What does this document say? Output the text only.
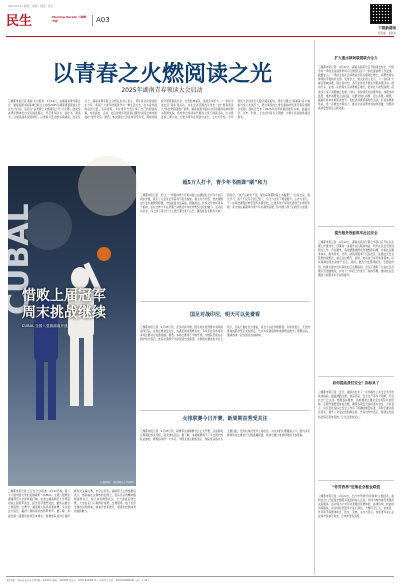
2024.04.23 星期二 编辑 / 组版 / 校对
民生	Morning Herald 三湘都市报	A03
下载新湖南
看直播 · 看新闻
以青春之火燃阅读之光
2025年湖南青春领读大会启动
三湘都市报记者 黄娟 长沙报道　4月22日，由湖南省青年联合会、湖南省图书馆等单位联合主办的2025年湖南青春领读大会在长沙启动。活动以“以青春之火燃阅读之光”为主题，面向全省青年群体发出全民阅读倡议，号召青年读书、读好书、善读书，以阅读涵养家国情怀，以青春力量点燃书香湖南。启动仪式上，湖南省青年联合会相关负责人表示，青年是全民阅读的生力军，希望广大青年把阅读作为一种生活方式，在书香中汲取奋进力量。活动现场，多位青年代表分享了自己的阅读故事，来自高校、企业、社区的青年领读者们围绕“阅读让城市更美好”展开交流。据悉，本次领读大会将持续至年底，期间将陆续开展青春读书会、红色经典诵读、阅读空间打卡、“一本好书进社区”等系列活动，并在全省范围内评选出一批“青春领读人”和优秀阅读推广案例。湖南省图书馆将为活动提供场地和图书资源支持，各市州也将同步开展线上线下阅读活动，让书香浸润三湘大地，让更多青年在阅读中成长。主办方介绍，今年领读大会首次引入数字阅读板块，青年可通过“新湖南”客户端参与线上共读打卡，累计阅读时长排名靠前的读者还将获得图书奖励。现场还发布了2025年度青春阅读推荐书单，涵盖文学、历史、科技、人文社科等多个领域，为青年读者提供阅读参考。
扩大重点领域联销联合全力
三湘都市报记者　4月22日，湖南省商务厅召开新闻发布会，介绍今年一季度全省消费市场运行情况以及下一阶段促消费工作安排。数据显示，一季度全省社会消费品零售总额同比增长，消费市场总体保持平稳向好态势。发布会上，相关负责人表示，下一步将扩大重点领域消费，联合各市州、各行业协会开展系列促消费活动，推动汽车、家电、家居等大宗消费稳定增长，培育壮大新型消费，促进线上线下消费融合发展。同时，将持续优化消费环境，加强市场监管，维护消费者合法权益，让群众放心消费、安心消费。据悉，湖南还将举办湘菜美食节、夜经济消费季等特色活动，打造消费新场景，进一步激发市场活力，推动全省消费市场持续回暖，为经济高质量发展注入新动能。
提升服务效能筑牢社区安全
三湘都市报记者　4月22日，湖南省民政厅联合多部门召开社区治理工作推进会，部署进一步提升社区服务效能、筑牢社区安全防线相关工作。会议要求，各地要聚焦群众急难愁盼问题，完善社区服务体系，推动养老、托育、助残等服务下沉到社区；加强社区安全隐患排查整治，重点关注燃气、消防、电动自行车充电等领域，切实保障居民生命财产安全。同时，要充分发挥网格员、志愿者作用，构建共建共治共享的社区治理格局。会议还通报了全省社区治理示范创建情况，并对下一阶段工作进行了具体部署，推动社区治理能力和服务水平持续提升。
如何提高我们安全？指标来了
三湘都市报记者　近日，湖南省发布了一系列提升公共安全水平的具体指标，涵盖道路交通、食品药品、安全生产等多个领域，引发社会广泛关注。根据指标要求，各地要建立健全安全风险评估机制，定期开展隐患排查治理，确保各项安全指标落实到位。专家表示，这些量化指标让安全工作有了明确的衡量标准，有助于推动责任落实，提升公众安全感和满意度。市民也纷纷表示，希望这些指标能真正落地见效，让生活更加安心。
“你劳我奉”征集社会秘金联值
三湘都市报记者　4月22日，长沙市开展“你劳我奉”主题活动，面向社会广泛征集志愿服务项目和爱心企业，共同为城市建设者提供关爱服务。活动将为户外劳动者提供免费体检、法律咨询、技能培训等服务，并在城区设置多个爱心驿站，方便环卫工人、快递员、外卖骑手等群体休息、饮水、充电。主办方表示，欢迎更多爱心企业和市民参与进来，让城市更有温度。
CUBAL
惜败上届冠军
周末挑战继续
CUBAL 全国八强赛湖南开战
比赛现场。 (湖南师范大学供图)
三湘都市报记者 王行吉 长沙报道　4月22日晚，第二十六届中国大学生篮球联赛（CUBAL）全国八强赛在湖南师范大学体育馆打响。东道主湖南师范大学男篮迎战上届冠军队伍，经过四节激烈对抗，最终以数分之差惜败。比赛中，湖南师大队员顽强拼搏，多次将比分追近，赢得了现场观众的阵阵掌声。据了解，本届全国八强赛将持续至本周末，参赛球队将进行循环赛和交叉淘汰赛，争夺总冠军。湖南师大主教练赛后表示，球队输在关键球的处理上，但队员们的精神面貌值得肯定，接下来将调整状态，全力备战后续比赛，力争在家门口取得好成绩。比赛现场，数千名学生球迷到场助威，加油声此起彼伏，展现出校园体育的独特魅力。
超5万人打卡，青少年书画课“刷”和力
三湘都市报记者　近日，一场面向青少年的书画公益课程在长沙多个社区同步开课，吸引了大量家长带着孩子报名参加。据主办方介绍，此次课程由专业书画教师授课，内容涵盖书法基础、国画技法、传统文化赏析等多个板块，旨在让青少年在笔墨之间感受中华优秀传统文化的魅力。活动启动以来，线上线下累计打卡人数已超过5万人次，课程报名名额多次被一抢而空。“孩子以前坐不住，现在每周都盼着上书画课。”一位家长说，通过学习，孩子不仅写字更工整了，专注力也有了明显提升。主办方表示，下一步将把课程延伸至更多乡镇学校，让更多孩子享受优质的艺术教育资源，并计划在暑期举办青少年书画作品展，集中展示孩子们的学习成果。
国足对战印尼，明天可以免费看
三湘都市报记者　4月23日讯，北京时间今晚，国足将在世预赛中客场挑战印尼队。这场比赛备受关注，为满足球迷观赛需求，多家平台宣布将对本场比赛进行免费直播。据悉，本场比赛将于今晚开球，中国队目前在小组中积分落后，此役必须拿分才能保留出线希望。主教练在赛前发布会上表示，全队已做好充分准备，将全力以赴争取胜利。有球迷表示，无论结果如何都会坚定支持国足。长沙多家餐馆和球迷酒吧也推出了观赛活动，邀请球迷一起为国足加油助威。
女排联赛今日开赛，新周期首秀受关注
三湘都市报记者　4月23日讯，新赛季女排联赛今日正式开赛，这是新奥运周期的首次亮相，备受球迷关注。据了解，本届联赛吸引了多支国内外队伍参加，赛程将持续一个多月。中国女排主教练表示，球队将以练兵为主要目的，给年轻球员更多上场机会，为未来的大赛储备人才。国内多家媒体将对比赛进行全程直播报道，球迷可通过电视和网络平台观看。
本报地址：湖南省长沙市芙蓉中路一段442号 邮编：410005 总编室：0731-84326114 广告经营许可证：4301004000001 定价：1.00元
